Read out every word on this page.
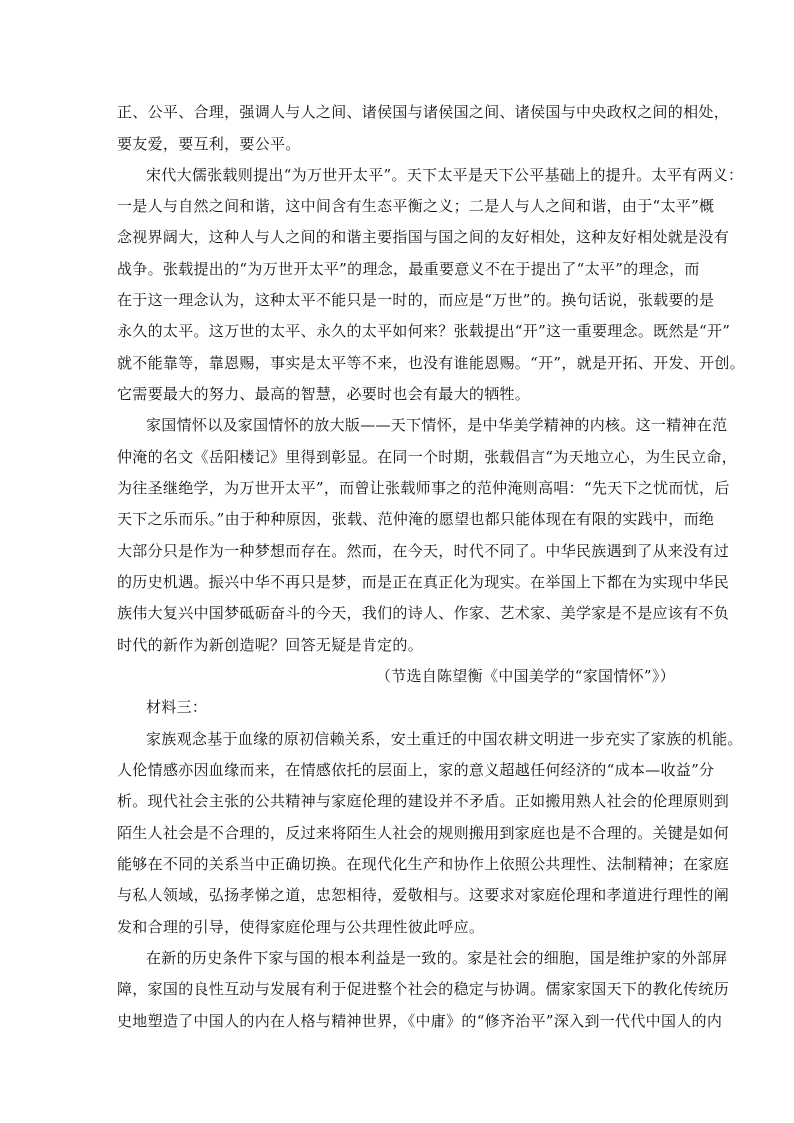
正、公平、合理，强调人与人之间、诸侯国与诸侯国之间、诸侯国与中央政权之间的相处，
要友爱，要互利，要公平。
宋代大儒张载则提出“为万世开太平”。天下太平是天下公平基础上的提升。太平有两义：
一是人与自然之间和谐，这中间含有生态平衡之义；二是人与人之间和谐，由于“太平”概
念视界阔大，这种人与人之间的和谐主要指国与国之间的友好相处，这种友好相处就是没有
战争。张载提出的“为万世开太平”的理念，最重要意义不在于提出了“太平”的理念，而
在于这一理念认为，这种太平不能只是一时的，而应是“万世”的。换句话说，张载要的是
永久的太平。这万世的太平、永久的太平如何来？张载提出“开”这一重要理念。既然是“开”
就不能靠等，靠恩赐，事实是太平等不来，也没有谁能恩赐。“开”，就是开拓、开发、开创。
它需要最大的努力、最高的智慧，必要时也会有最大的牺牲。
家国情怀以及家国情怀的放大版——天下情怀，是中华美学精神的内核。这一精神在范
仲淹的名文《岳阳楼记》里得到彰显。在同一个时期，张载倡言“为天地立心，为生民立命，
为往圣继绝学，为万世开太平”，而曾让张载师事之的范仲淹则高唱：“先天下之忧而忧，后
天下之乐而乐。”由于种种原因，张载、范仲淹的愿望也都只能体现在有限的实践中，而绝
大部分只是作为一种梦想而存在。然而，在今天，时代不同了。中华民族遇到了从来没有过
的历史机遇。振兴中华不再只是梦，而是正在真正化为现实。在举国上下都在为实现中华民
族伟大复兴中国梦砥砺奋斗的今天，我们的诗人、作家、艺术家、美学家是不是应该有不负
时代的新作为新创造呢？回答无疑是肯定的。
（节选自陈望衡《中国美学的“家国情怀”》）
材料三：
家族观念基于血缘的原初信赖关系，安土重迁的中国农耕文明进一步充实了家族的机能。
人伦情感亦因血缘而来，在情感依托的层面上，家的意义超越任何经济的“成本—收益”分
析。现代社会主张的公共精神与家庭伦理的建设并不矛盾。正如搬用熟人社会的伦理原则到
陌生人社会是不合理的，反过来将陌生人社会的规则搬用到家庭也是不合理的。关键是如何
能够在不同的关系当中正确切换。在现代化生产和协作上依照公共理性、法制精神；在家庭
与私人领域，弘扬孝悌之道，忠恕相待，爱敬相与。这要求对家庭伦理和孝道进行理性的阐
发和合理的引导，使得家庭伦理与公共理性彼此呼应。
在新的历史条件下家与国的根本利益是一致的。家是社会的细胞，国是维护家的外部屏
障，家国的良性互动与发展有利于促进整个社会的稳定与协调。儒家家国天下的教化传统历
史地塑造了中国人的内在人格与精神世界，《中庸》的“修齐治平”深入到一代代中国人的内
